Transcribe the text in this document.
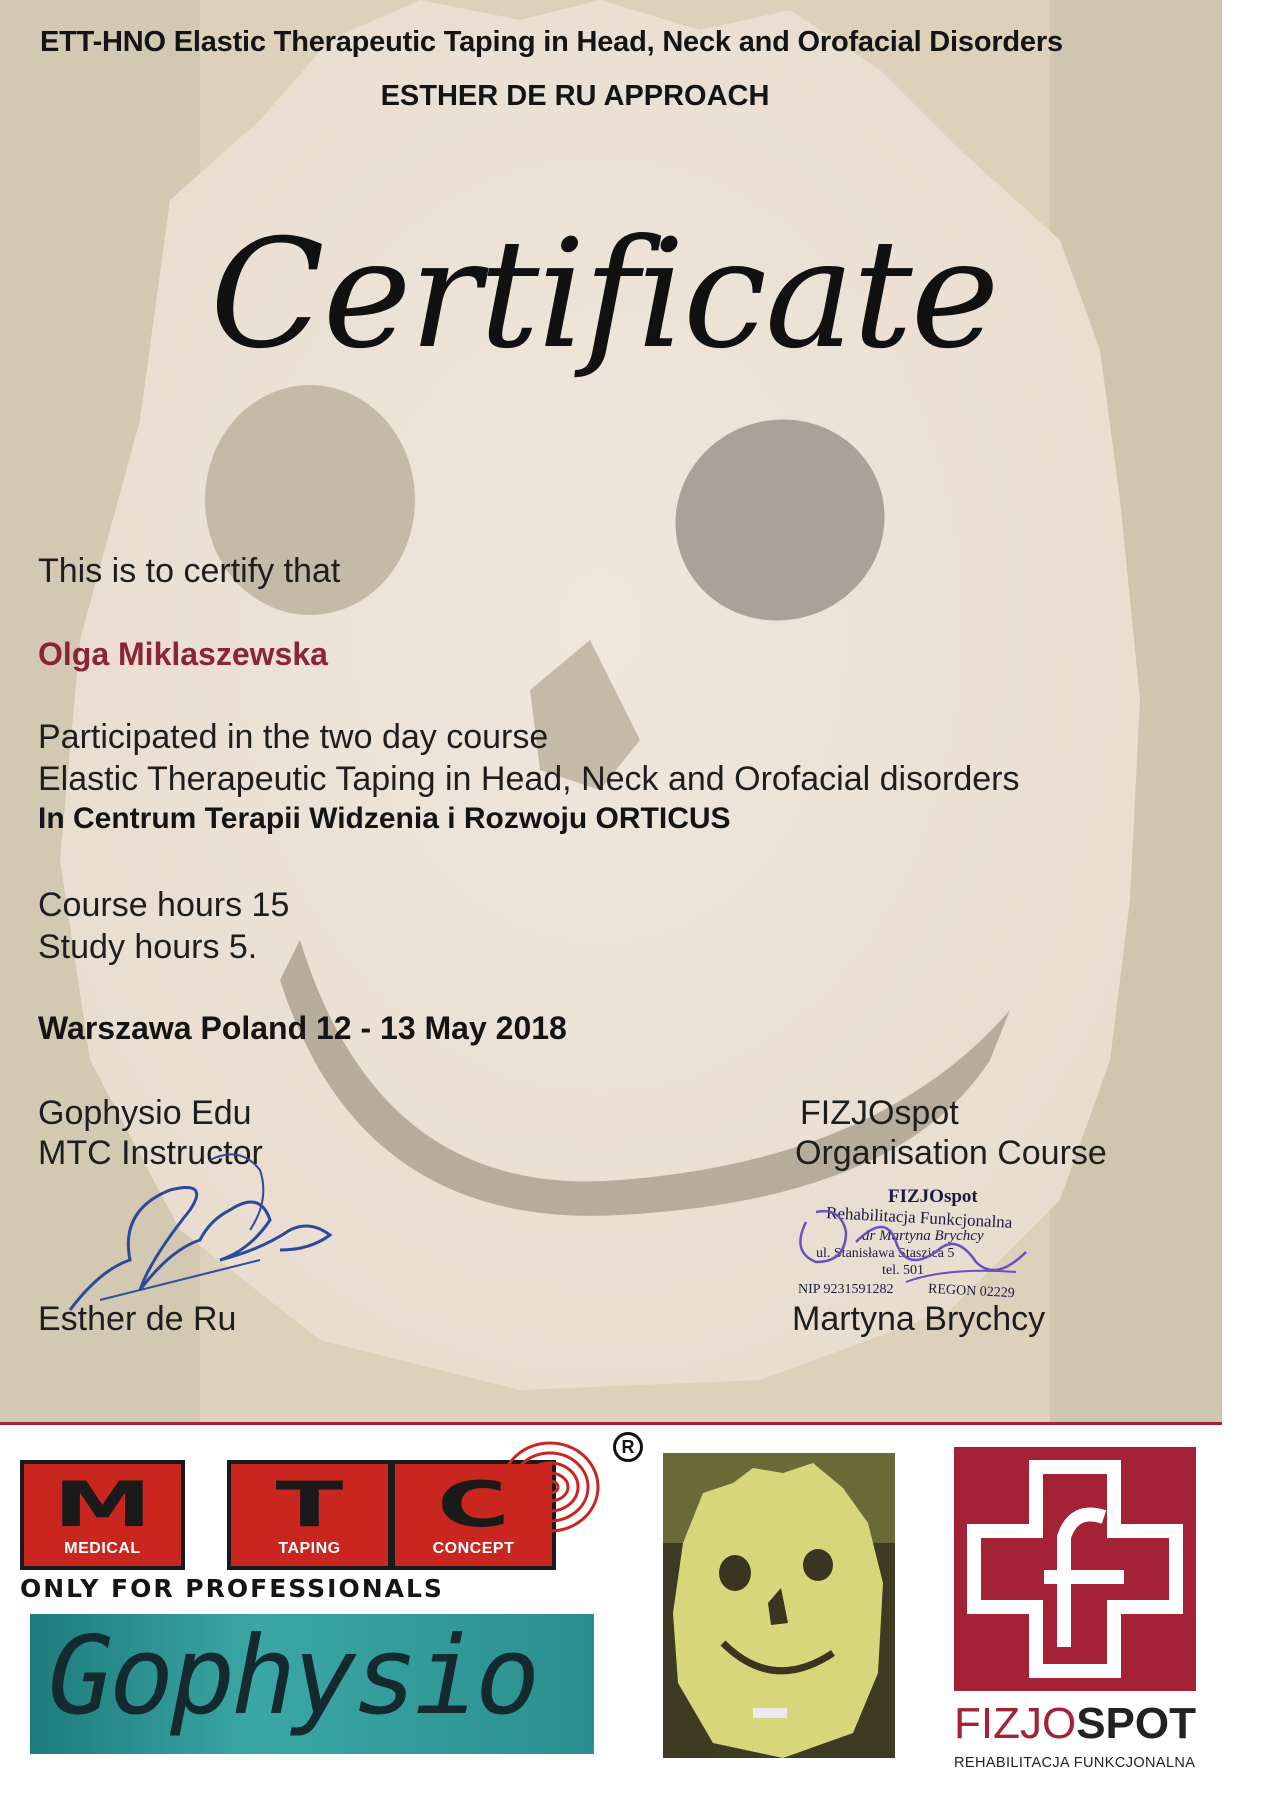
ETT-HNO Elastic Therapeutic Taping in Head, Neck and Orofacial Disorders

ESTHER DE RU APPROACH

Certificate

This is to certify that

Olga Miklaszewska

Participated in the two day course

Elastic Therapeutic Taping in Head, Neck and Orofacial disorders

In Centrum Terapii Widzenia i Rozwoju ORTICUS

Course hours 15

Study hours 5.

Warszawa Poland 12 - 13 May 2018

Gophysio Edu

MTC Instructor

Esther de Ru

FIZJOspot

Organisation Course

FIZJOspot
Rehabilitacja Funkcjonalna
dr Martyna Brychcy
ul. Stanisława Staszica 5
tel. 501
NIP 9231591282 REGON 02229

Martyna Brychcy

M
MEDICAL
T
TAPING
C
CONCEPT
R
ONLY FOR PROFESSIONALS
Gophysio	FIZJOSPOT
REHABILITACJA FUNKCJONALNA
